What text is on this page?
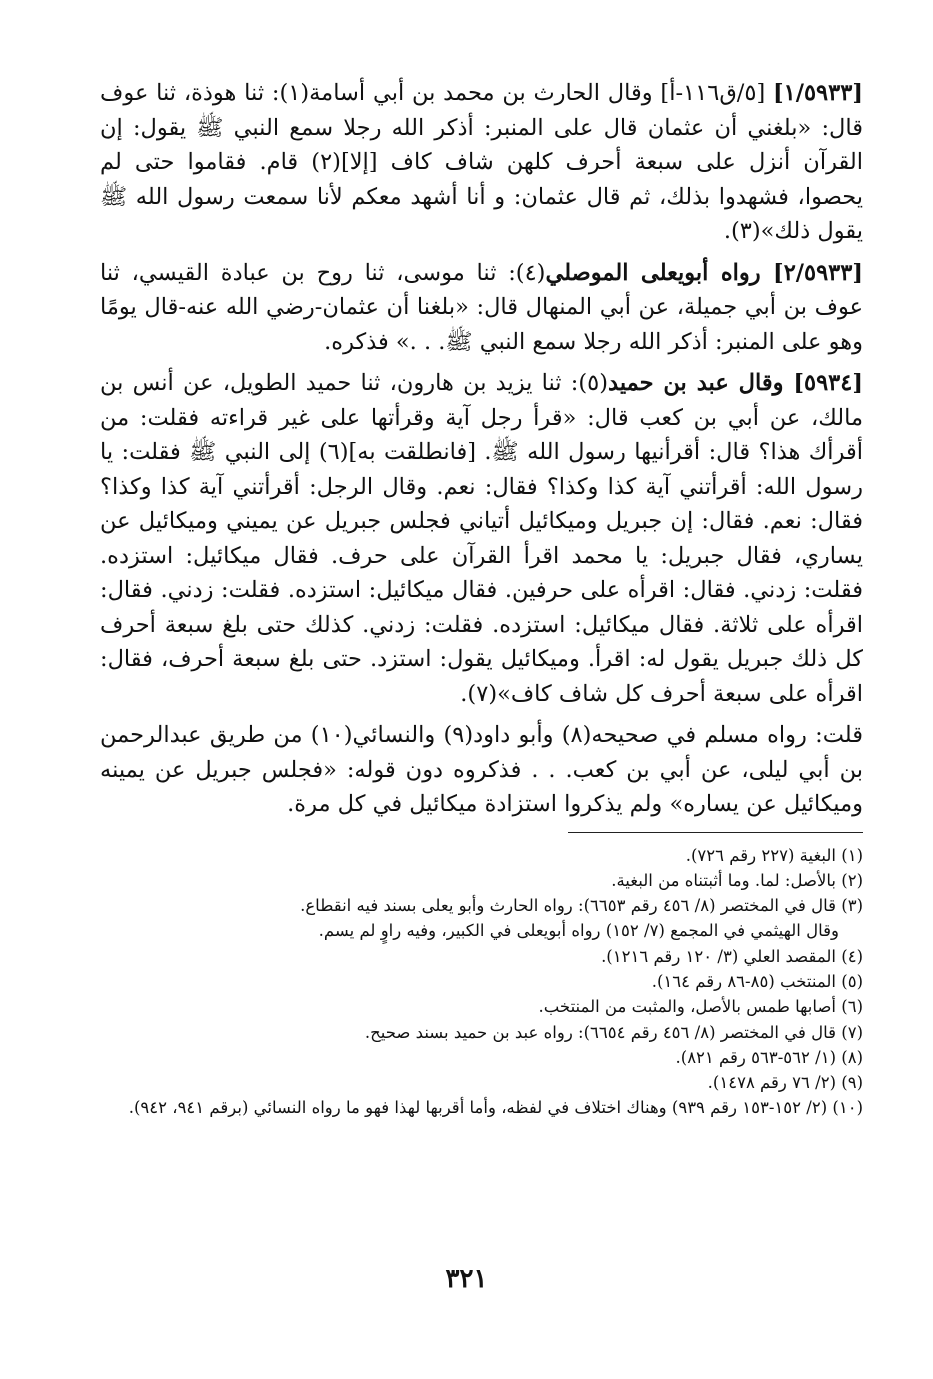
[١/٥٩٣٣] [٥/ق١١٦-أ] وقال الحارث بن محمد بن أبي أسامة(١): ثنا هوذة، ثنا عوف قال: «بلغني أن عثمان قال على المنبر: أذكر الله رجلا سمع النبي ﷺ يقول: إن القرآن أنزل على سبعة أحرف كلهن شاف كاف [إلا](٢) قام. فقاموا حتى لم يحصوا، فشهدوا بذلك، ثم قال عثمان: و أنا أشهد معكم لأنا سمعت رسول الله ﷺ يقول ذلك»(٣).

[٢/٥٩٣٣] رواه أبويعلى الموصلي(٤): ثنا موسى، ثنا روح بن عبادة القيسي، ثنا عوف بن أبي جميلة، عن أبي المنهال قال: «بلغنا أن عثمان-رضي الله عنه-قال يومًا وهو على المنبر: أذكر الله رجلا سمع النبي ﷺ. . .» فذكره.

[٥٩٣٤] وقال عبد بن حميد(٥): ثنا يزيد بن هارون، ثنا حميد الطويل، عن أنس بن مالك، عن أبي بن كعب قال: «قرأ رجل آية وقرأتها على غير قراءته فقلت: من أقرأك هذا؟ قال: أقرأنيها رسول الله ﷺ. [فانطلقت به](٦) إلى النبي ﷺ فقلت: يا رسول الله: أقرأتني آية كذا وكذا؟ فقال: نعم. وقال الرجل: أقرأتني آية كذا وكذا؟ فقال: نعم. فقال: إن جبريل وميكائيل أتياني فجلس جبريل عن يميني وميكائيل عن يساري، فقال جبريل: يا محمد اقرأ القرآن على حرف. فقال ميكائيل: استزده. فقلت: زدني. فقال: اقرأه على حرفين. فقال ميكائيل: استزده. فقلت: زدني. فقال: اقرأه على ثلاثة. فقال ميكائيل: استزده. فقلت: زدني. كذلك حتى بلغ سبعة أحرف كل ذلك جبريل يقول له: اقرأ. وميكائيل يقول: استزد. حتى بلغ سبعة أحرف، فقال: اقرأه على سبعة أحرف كل شاف كاف»(٧).

قلت: رواه مسلم في صحيحه(٨) وأبو داود(٩) والنسائي(١٠) من طريق عبدالرحمن بن أبي ليلى، عن أبي بن كعب. . . فذكروه دون قوله: «فجلس جبريل عن يمينه وميكائيل عن يساره» ولم يذكروا استزادة ميكائيل في كل مرة.

(١) البغية (٢٢٧ رقم ٧٢٦).

(٢) بالأصل: لما. وما أثبتناه من البغية.

(٣) قال في المختصر (٨/ ٤٥٦ رقم ٦٦٥٣): رواه الحارث وأبو يعلى بسند فيه انقطاع.

وقال الهيثمي في المجمع (٧/ ١٥٢) رواه أبويعلى في الكبير، وفيه راوٍ لم يسم.

(٤) المقصد العلي (٣/ ١٢٠ رقم ١٢١٦).

(٥) المنتخب (٨٥-٨٦ رقم ١٦٤).

(٦) أصابها طمس بالأصل، والمثبت من المنتخب.

(٧) قال في المختصر (٨/ ٤٥٦ رقم ٦٦٥٤): رواه عبد بن حميد بسند صحيح.

(٨) (١/ ٥٦٢-٥٦٣ رقم ٨٢١).

(٩) (٢/ ٧٦ رقم ١٤٧٨).

(١٠) (٢/ ١٥٢-١٥٣ رقم ٩٣٩) وهناك اختلاف في لفظه، وأما أقربها لهذا فهو ما رواه النسائي (برقم ٩٤١، ٩٤٢).

٣٢١
